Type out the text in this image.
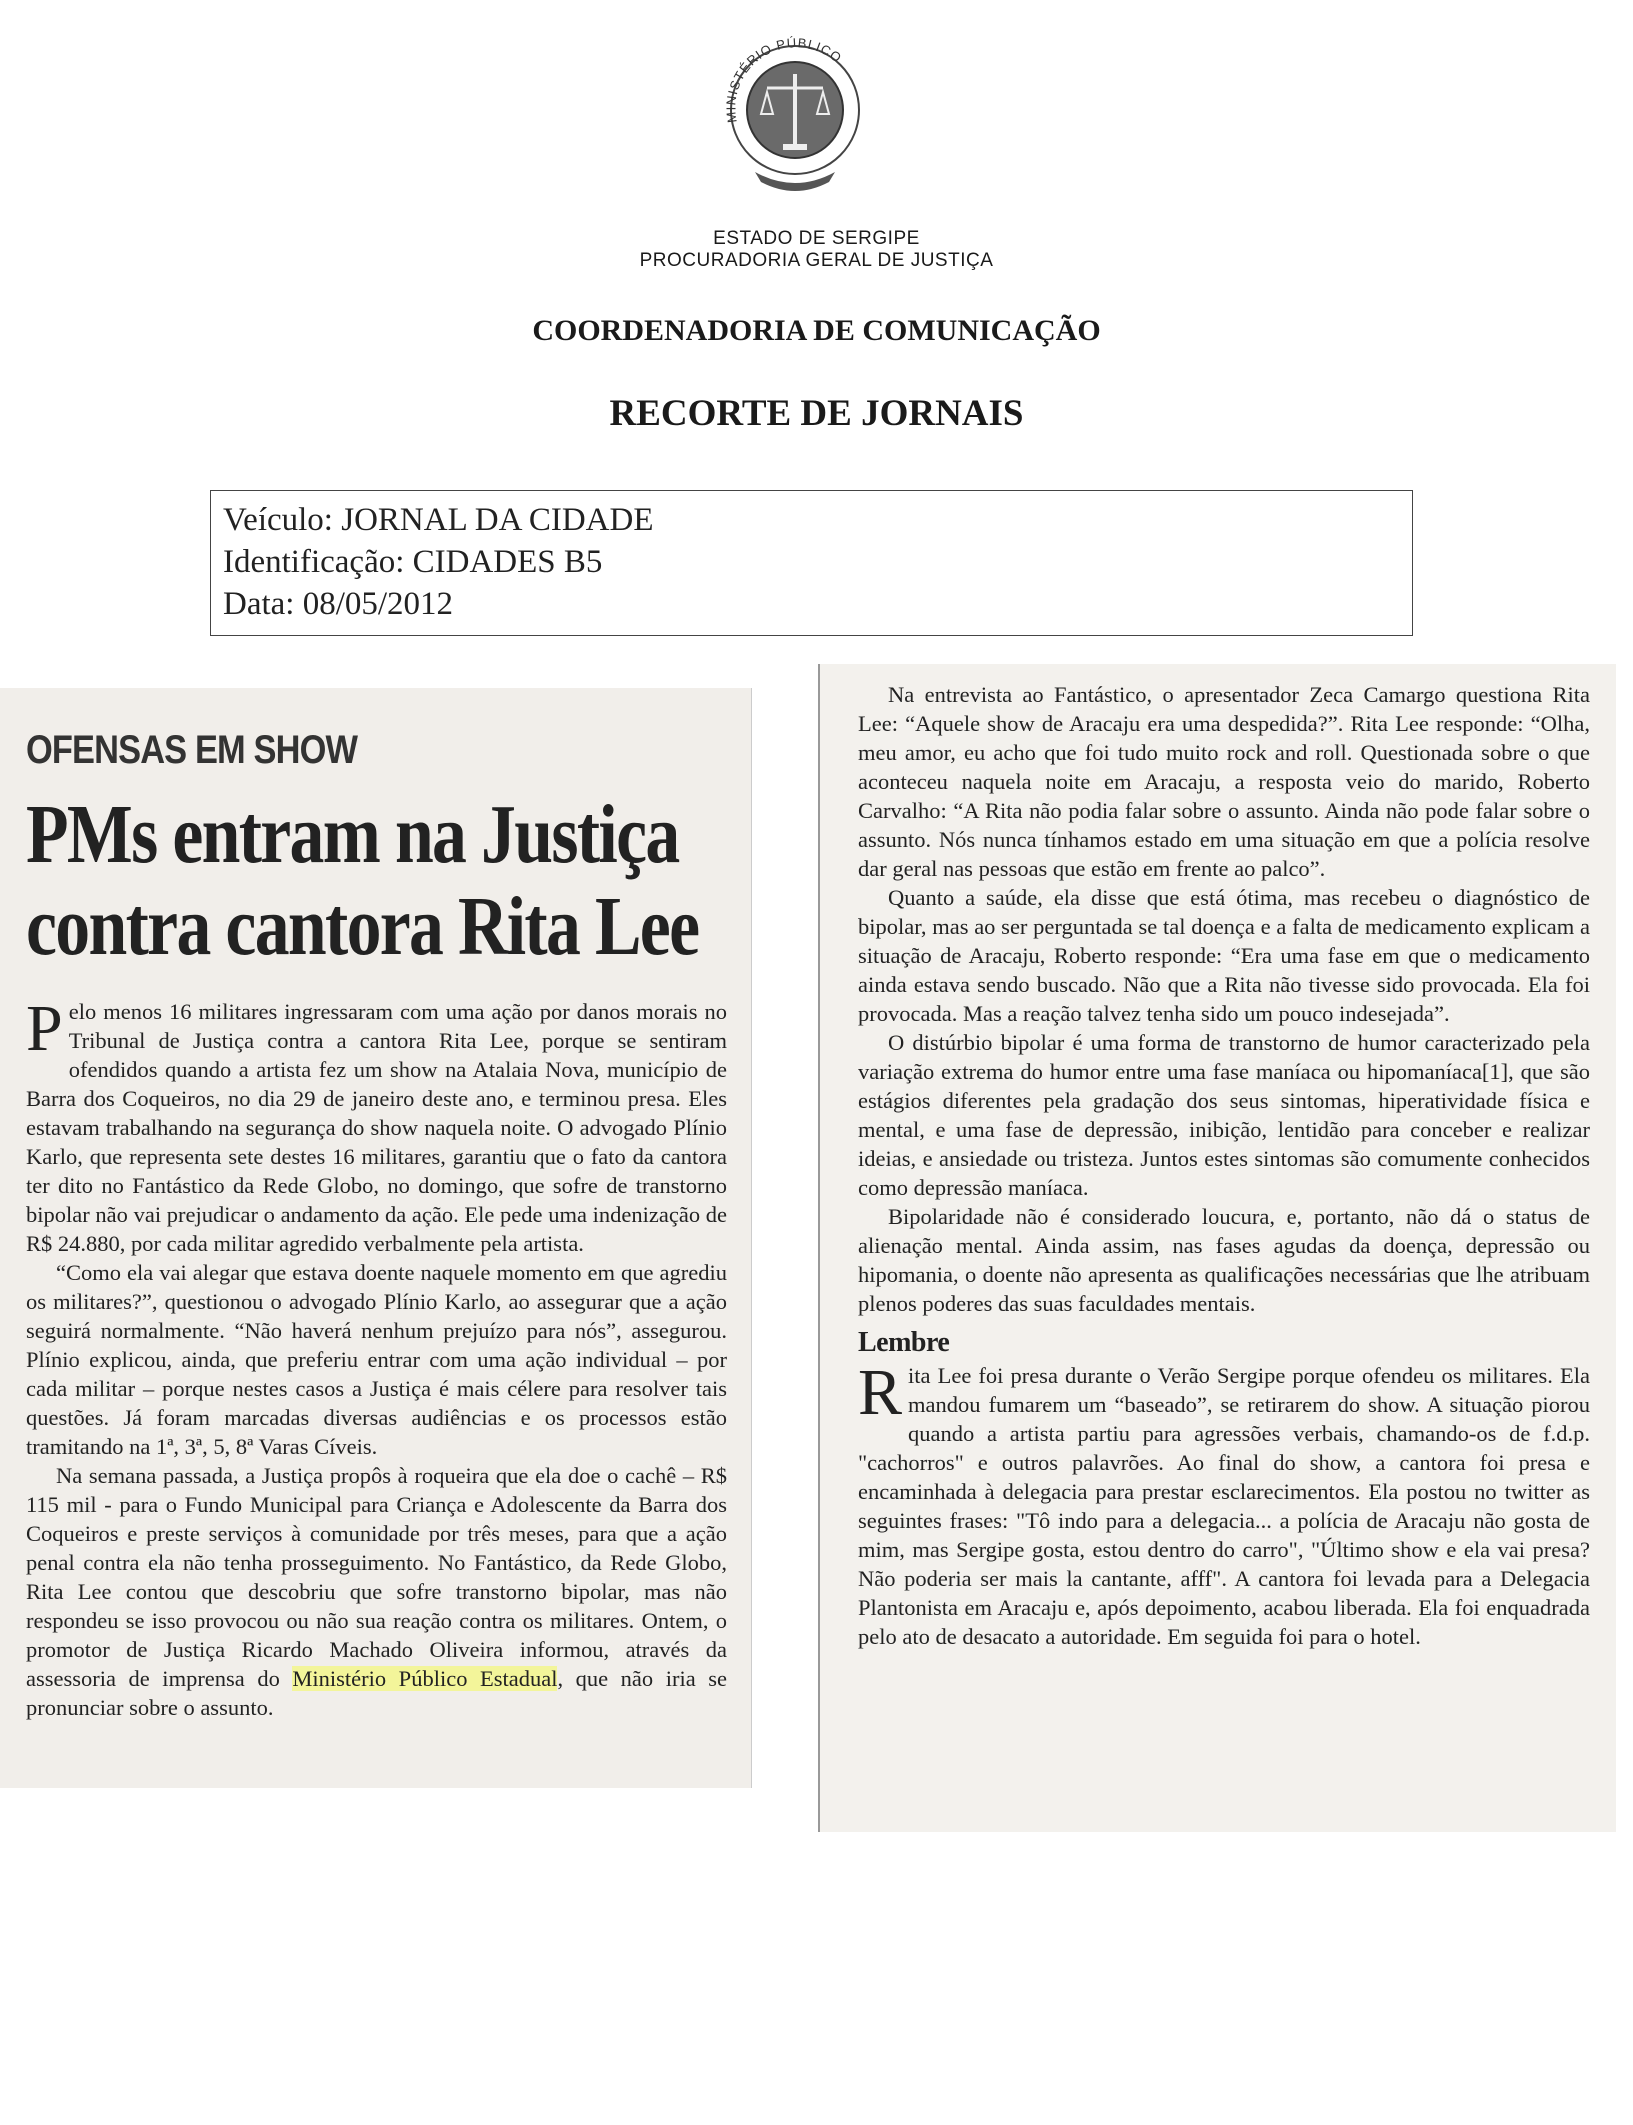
MINISTÉRIO PÚBLICO
ESTADO DE SERGIPE
PROCURADORIA GERAL DE JUSTIÇA
COORDENADORIA DE COMUNICAÇÃO
RECORTE DE JORNAIS
Veículo: JORNAL DA CIDADE
Identificação: CIDADES B5
Data: 08/05/2012
OFENSAS EM SHOW
PMs entram na Justiça
contra cantora Rita Lee

Pelo menos 16 militares ingressaram com uma ação por danos morais no Tribunal de Justiça contra a cantora Rita Lee, porque se sentiram ofendidos quando a artista fez um show na Atalaia Nova, município de Barra dos Coqueiros, no dia 29 de janeiro deste ano, e terminou presa. Eles estavam trabalhando na segurança do show naquela noite. O advogado Plínio Karlo, que representa sete destes 16 militares, garantiu que o fato da cantora ter dito no Fantástico da Rede Globo, no domingo, que sofre de transtorno bipolar não vai prejudicar o andamento da ação. Ele pede uma indenização de R$ 24.880, por cada militar agredido verbalmente pela artista.

“Como ela vai alegar que estava doente naquele momento em que agrediu os militares?”, questionou o advogado Plínio Karlo, ao assegurar que a ação seguirá normalmente. “Não haverá nenhum prejuízo para nós”, assegurou. Plínio explicou, ainda, que preferiu entrar com uma ação individual – por cada militar – porque nestes casos a Justiça é mais célere para resolver tais questões. Já foram marcadas diversas audiências e os processos estão tramitando na 1ª, 3ª, 5, 8ª Varas Cíveis.

Na semana passada, a Justiça propôs à roqueira que ela doe o cachê – R$ 115 mil - para o Fundo Municipal para Criança e Adolescente da Barra dos Coqueiros e preste serviços à comunidade por três meses, para que a ação penal contra ela não tenha prosseguimento. No Fantástico, da Rede Globo, Rita Lee contou que descobriu que sofre transtorno bipolar, mas não respondeu se isso provocou ou não sua reação contra os militares. Ontem, o promotor de Justiça Ricardo Machado Oliveira informou, através da assessoria de imprensa do Ministério Público Estadual, que não iria se pronunciar sobre o assunto.

Na entrevista ao Fantástico, o apresentador Zeca Camargo questiona Rita Lee: “Aquele show de Aracaju era uma despedida?”. Rita Lee responde: “Olha, meu amor, eu acho que foi tudo muito rock and roll. Questionada sobre o que aconteceu naquela noite em Aracaju, a resposta veio do marido, Roberto Carvalho: “A Rita não podia falar sobre o assunto. Ainda não pode falar sobre o assunto. Nós nunca tínhamos estado em uma situação em que a polícia resolve dar geral nas pessoas que estão em frente ao palco”.

Quanto a saúde, ela disse que está ótima, mas recebeu o diagnóstico de bipolar, mas ao ser perguntada se tal doença e a falta de medicamento explicam a situação de Aracaju, Roberto responde: “Era uma fase em que o medicamento ainda estava sendo buscado. Não que a Rita não tivesse sido provocada. Ela foi provocada. Mas a reação talvez tenha sido um pouco indesejada”.

O distúrbio bipolar é uma forma de transtorno de humor caracterizado pela variação extrema do humor entre uma fase maníaca ou hipomaníaca[1], que são estágios diferentes pela gradação dos seus sintomas, hiperatividade física e mental, e uma fase de depressão, inibição, lentidão para conceber e realizar ideias, e ansiedade ou tristeza. Juntos estes sintomas são comumente conhecidos como depressão maníaca.

Bipolaridade não é considerado loucura, e, portanto, não dá o status de alienação mental. Ainda assim, nas fases agudas da doença, depressão ou hipomania, o doente não apresenta as qualificações necessárias que lhe atribuam plenos poderes das suas faculdades mentais.

Lembre

Rita Lee foi presa durante o Verão Sergipe porque ofendeu os militares. Ela mandou fumarem um “baseado”, se retirarem do show. A situação piorou quando a artista partiu para agressões verbais, chamando-os de f.d.p. "cachorros" e outros palavrões. Ao final do show, a cantora foi presa e encaminhada à delegacia para prestar esclarecimentos. Ela postou no twitter as seguintes frases: "Tô indo para a delegacia... a polícia de Aracaju não gosta de mim, mas Sergipe gosta, estou dentro do carro", "Último show e ela vai presa? Não poderia ser mais la cantante, afff". A cantora foi levada para a Delegacia Plantonista em Aracaju e, após depoimento, acabou liberada. Ela foi enquadrada pelo ato de desacato a autoridade. Em seguida foi para o hotel.
